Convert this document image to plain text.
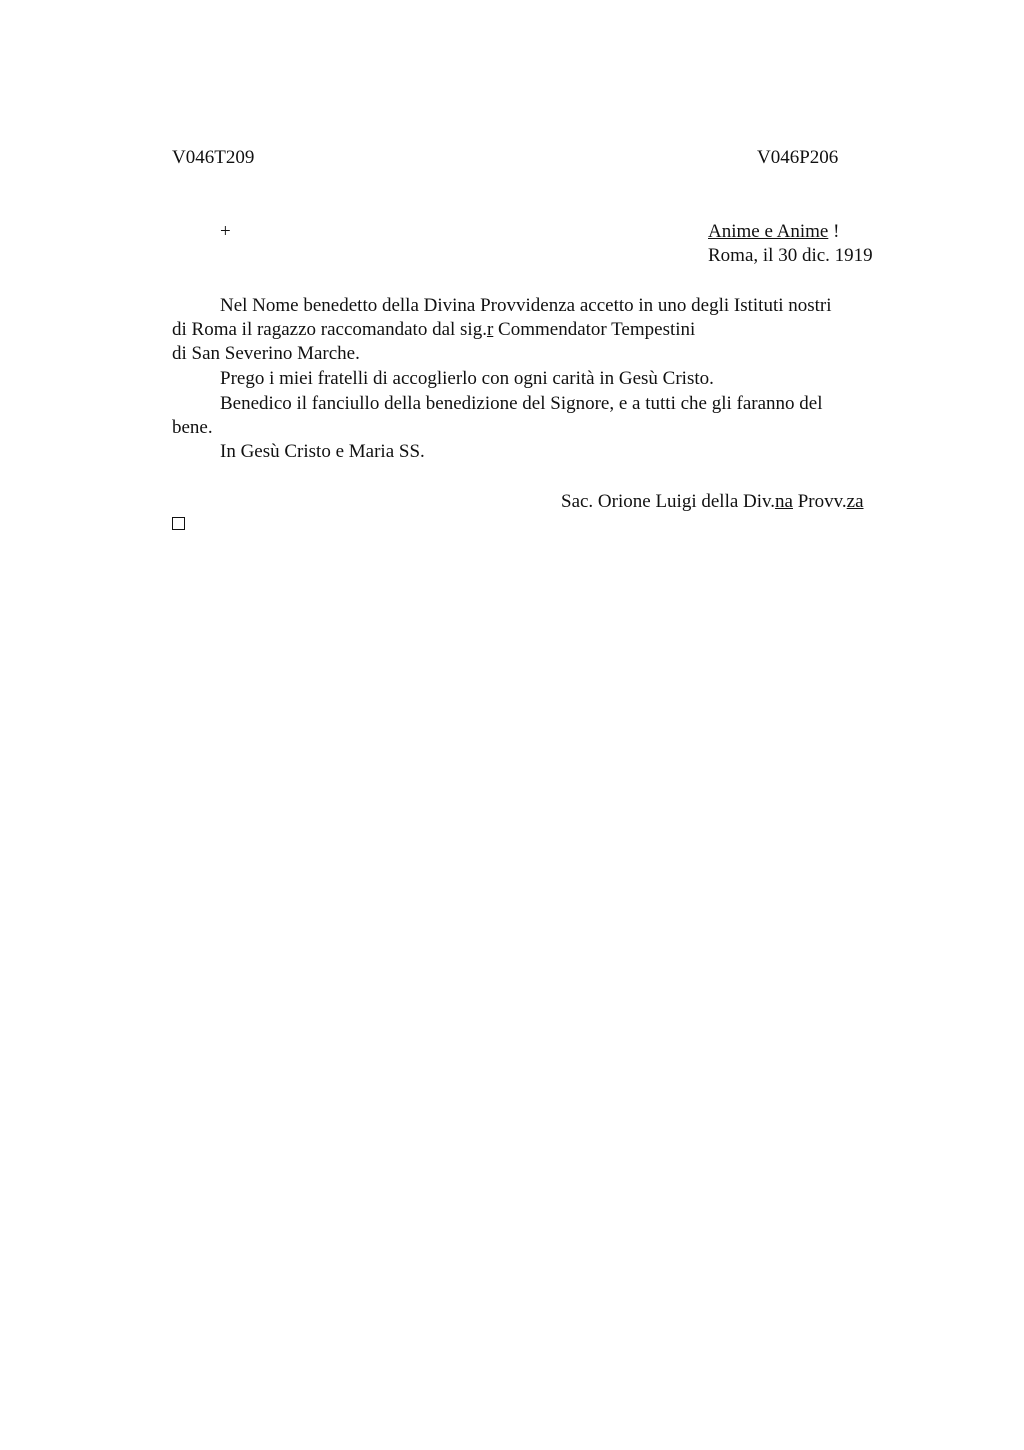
V046T209	V046P206
+	Anime e Anime !
Roma, il 30 dic. 1919
Nel Nome benedetto della Divina Provvidenza accetto in uno degli Istituti nostri
di Roma il ragazzo raccomandato dal sig.r Commendator Tempestini
di San Severino Marche.
Prego i miei fratelli di accoglierlo con ogni carità in Gesù Cristo.
Benedico il fanciullo della benedizione del Signore, e a tutti che gli faranno del
bene.
In Gesù Cristo e Maria SS.
Sac. Orione Luigi della Div.na Provv.za
